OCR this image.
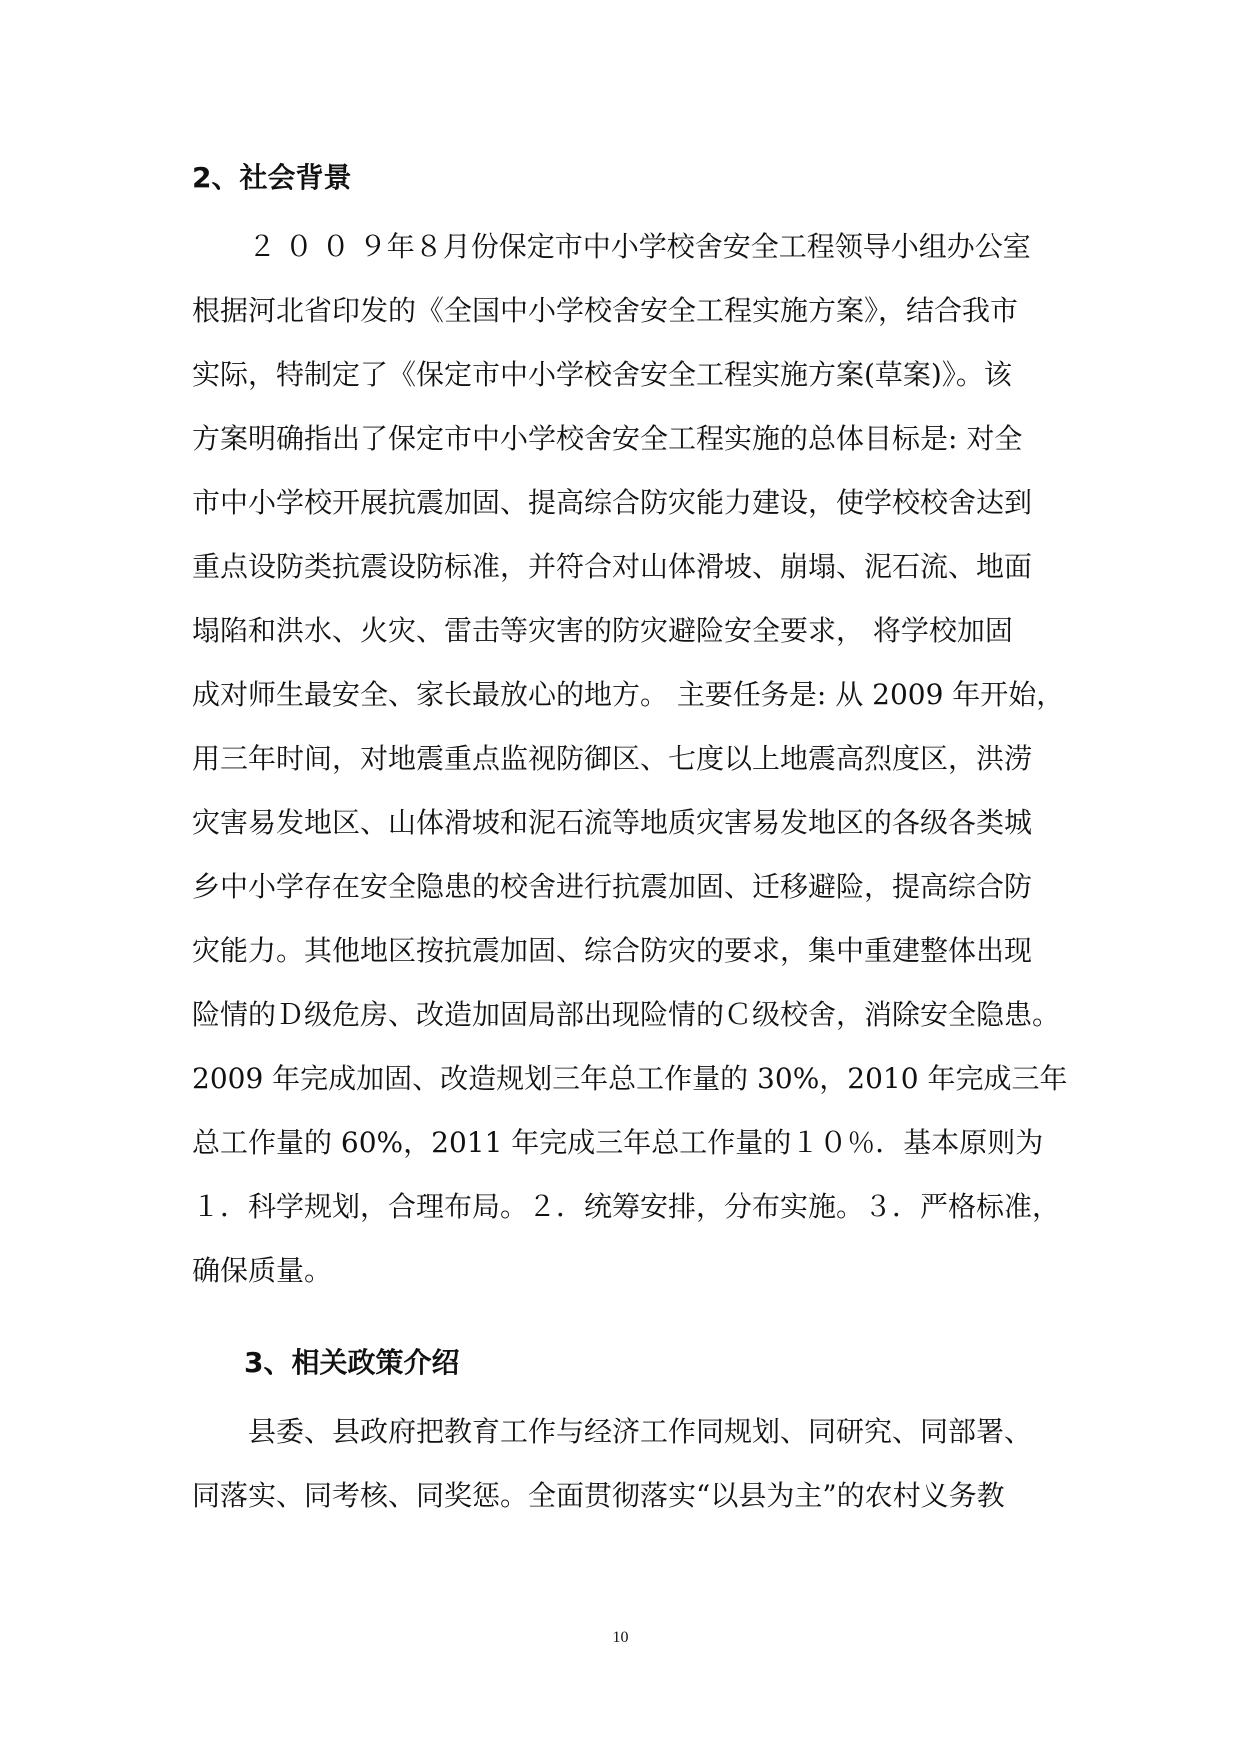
2、社会背景
２ ０ ０ ９年８月份保定市中小学校舍安全工程领导小组办公室
根据河北省印发的《全国中小学校舍安全工程实施方案》，结合我市
实际，特制定了《保定市中小学校舍安全工程实施方案(草案)》。该
方案明确指出了保定市中小学校舍安全工程实施的总体目标是: 对全
市中小学校开展抗震加固、提高综合防灾能力建设，使学校校舍达到
重点设防类抗震设防标准，并符合对山体滑坡、崩塌、泥石流、地面
塌陷和洪水、火灾、雷击等灾害的防灾避险安全要求， 将学校加固
成对师生最安全、家长最放心的地方。 主要任务是: 从 2009 年开始，
用三年时间，对地震重点监视防御区、七度以上地震高烈度区，洪涝
灾害易发地区、山体滑坡和泥石流等地质灾害易发地区的各级各类城
乡中小学存在安全隐患的校舍进行抗震加固、迁移避险，提高综合防
灾能力。其他地区按抗震加固、综合防灾的要求，集中重建整体出现
险情的Ｄ级危房、改造加固局部出现险情的Ｃ级校舍，消除安全隐患。
2009 年完成加固、改造规划三年总工作量的 30%，2010 年完成三年
总工作量的 60%，2011 年完成三年总工作量的１０％．基本原则为
１．科学规划，合理布局。２．统筹安排，分布实施。３．严格标准，
确保质量。
3、相关政策介绍
县委、县政府把教育工作与经济工作同规划、同研究、同部署、
同落实、同考核、同奖惩。全面贯彻落实“以县为主”的农村义务教
10
